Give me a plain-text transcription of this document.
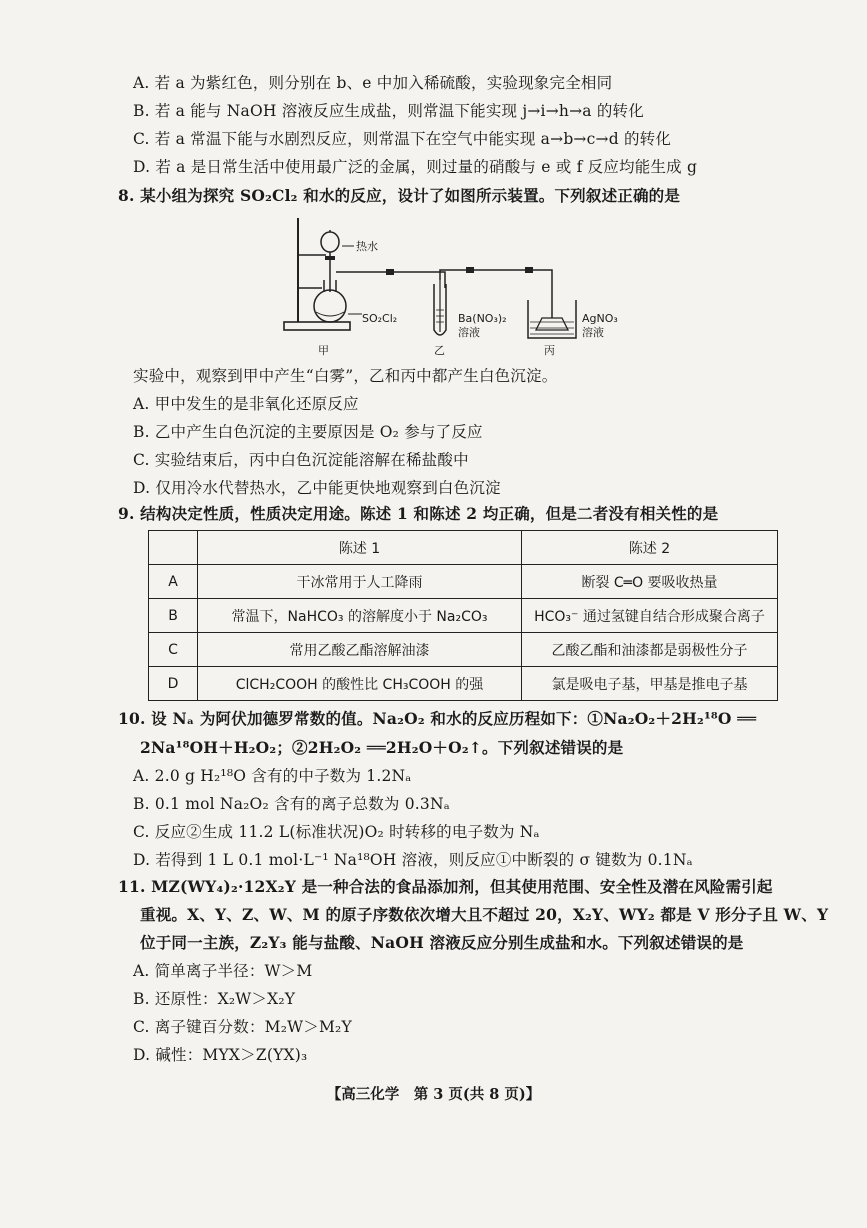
A. 若 a 为紫红色，则分别在 b、e 中加入稀硫酸，实验现象完全相同
B. 若 a 能与 NaOH 溶液反应生成盐，则常温下能实现 j→i→h→a 的转化
C. 若 a 常温下能与水剧烈反应，则常温下在空气中能实现 a→b→c→d 的转化
D. 若 a 是日常生活中使用最广泛的金属，则过量的硝酸与 e 或 f 反应均能生成 g
8. 某小组为探究 SO₂Cl₂ 和水的反应，设计了如图所示装置。下列叙述正确的是
热水
SO₂Cl₂	Ba(NO₃)₂
溶液
AgNO₃
溶液
甲	乙	丙
实验中，观察到甲中产生“白雾”，乙和丙中都产生白色沉淀。
A. 甲中发生的是非氧化还原反应
B. 乙中产生白色沉淀的主要原因是 O₂ 参与了反应
C. 实验结束后，丙中白色沉淀能溶解在稀盐酸中
D. 仅用冷水代替热水，乙中能更快地观察到白色沉淀
9. 结构决定性质，性质决定用途。陈述 1 和陈述 2 均正确，但是二者没有相关性的是
	陈述 1	陈述 2
A	干冰常用于人工降雨	断裂 C═O 要吸收热量
B	常温下，NaHCO₃ 的溶解度小于 Na₂CO₃	HCO₃⁻ 通过氢键自结合形成聚合离子
C	常用乙酸乙酯溶解油漆	乙酸乙酯和油漆都是弱极性分子
D	ClCH₂COOH 的酸性比 CH₃COOH 的强	氯是吸电子基，甲基是推电子基
10. 设 Nₐ 为阿伏加德罗常数的值。Na₂O₂ 和水的反应历程如下：①Na₂O₂＋2H₂¹⁸O ══
2Na¹⁸OH＋H₂O₂；②2H₂O₂ ══2H₂O＋O₂↑。下列叙述错误的是
A. 2.0 g H₂¹⁸O 含有的中子数为 1.2Nₐ
B. 0.1 mol Na₂O₂ 含有的离子总数为 0.3Nₐ
C. 反应②生成 11.2 L(标准状况)O₂ 时转移的电子数为 Nₐ
D. 若得到 1 L 0.1 mol·L⁻¹ Na¹⁸OH 溶液，则反应①中断裂的 σ 键数为 0.1Nₐ
11. MZ(WY₄)₂·12X₂Y 是一种合法的食品添加剂，但其使用范围、安全性及潜在风险需引起
重视。X、Y、Z、W、M 的原子序数依次增大且不超过 20，X₂Y、WY₂ 都是 V 形分子且 W、Y
位于同一主族，Z₂Y₃ 能与盐酸、NaOH 溶液反应分别生成盐和水。下列叙述错误的是
A. 简单离子半径：W＞M
B. 还原性：X₂W＞X₂Y
C. 离子键百分数：M₂W＞M₂Y
D. 碱性：MYX＞Z(YX)₃
【高三化学　第 3 页(共 8 页)】
